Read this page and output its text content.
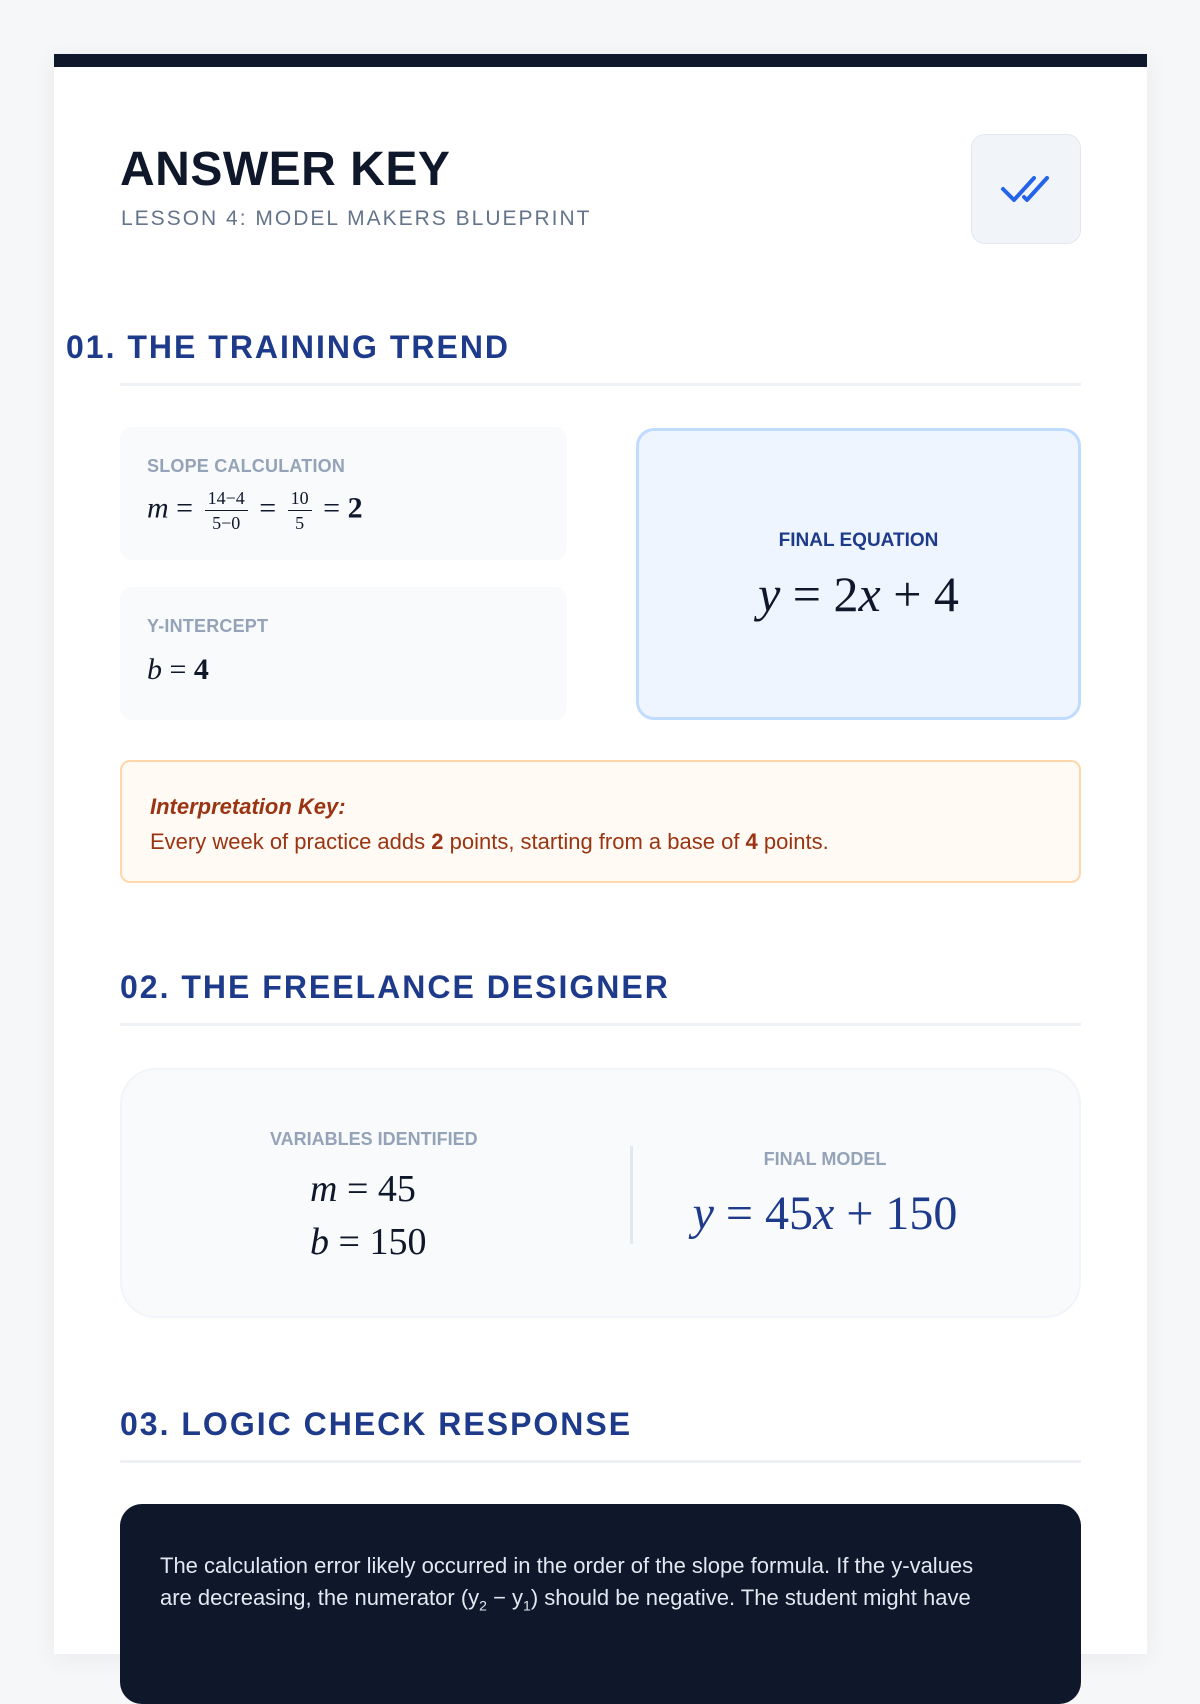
ANSWER KEY
LESSON 4: MODEL MAKERS BLUEPRINT
01. THE TRAINING TREND
SLOPE CALCULATION
$m = \frac{14-4}{5-0} = \frac{10}{5} = 2$
Y-INTERCEPT
b = 4
FINAL EQUATION
y = 2x + 4
Interpretation Key:
Every week of practice adds 2 points, starting from a base of 4 points.
02. THE FREELANCE DESIGNER
VARIABLES IDENTIFIED
m = 45
b = 150
FINAL MODEL
y = 45x + 150
03. LOGIC CHECK RESPONSE
The calculation error likely occurred in the order of the slope formula. If the y-values
are decreasing, the numerator $(y_2 - y_1)$ should be negative. The student might have
